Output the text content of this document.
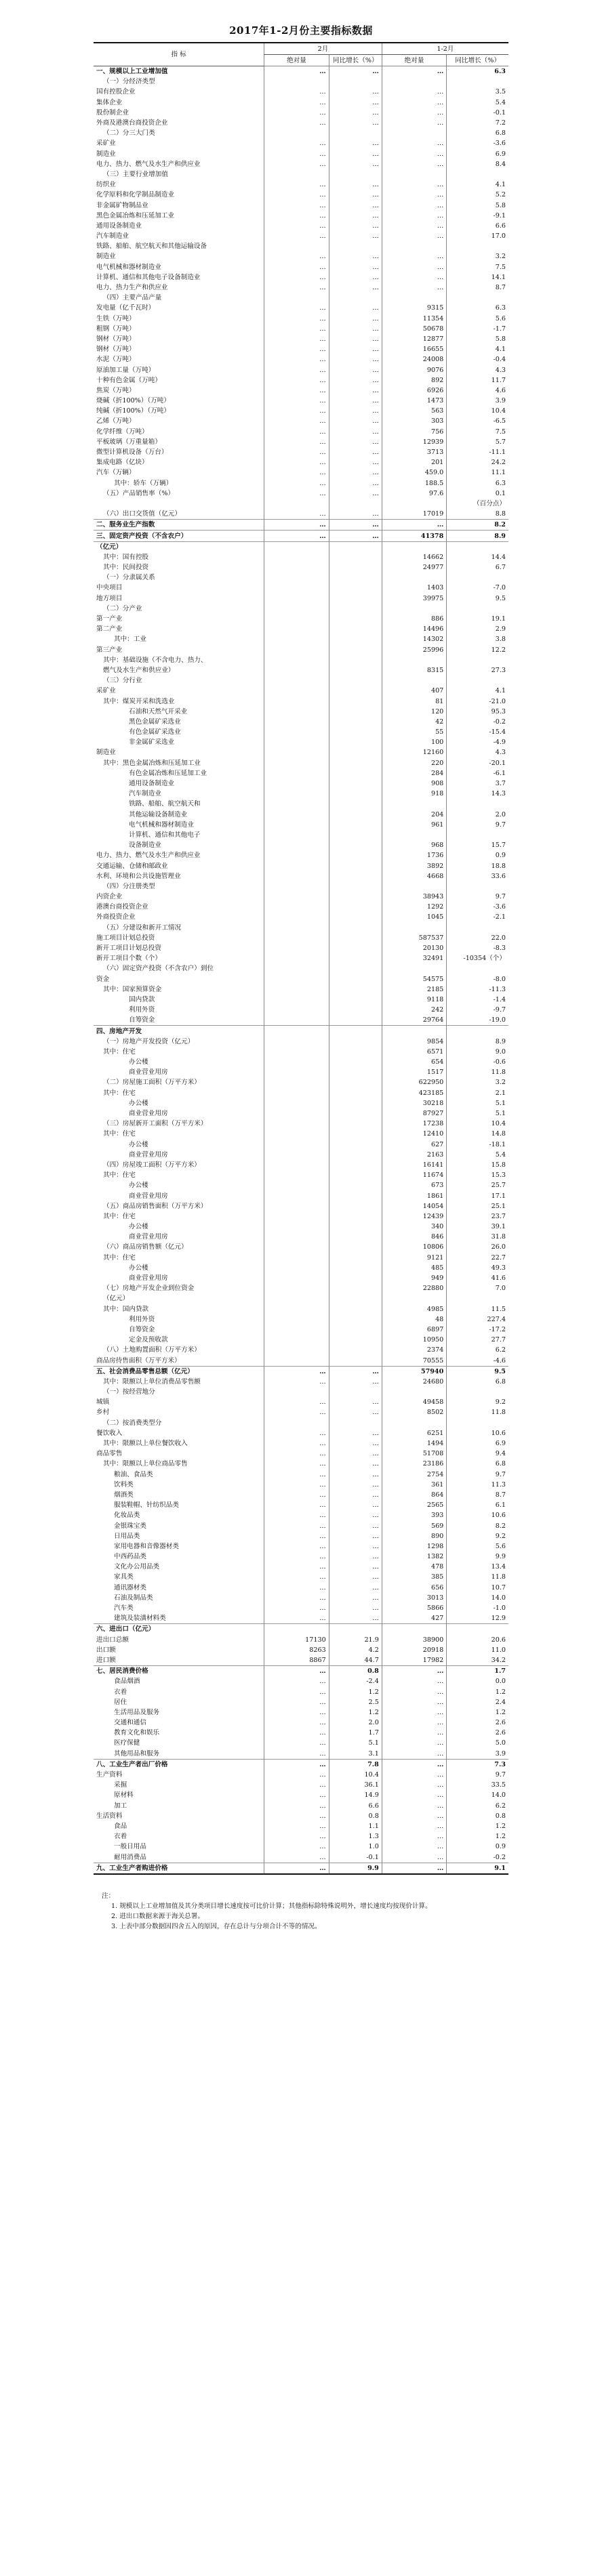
2017年1-2月份主要指标数据
指 标	2月		1-2月	
	绝对量	同比增长（%）	绝对量	同比增长（%）
一、规模以上工业增加值	…	…	…	6.3
（一）分经济类型				
国有控股企业	…	…	…	3.5
集体企业	…	…	…	5.4
股份制企业	…	…	…	-0.1
外商及港澳台商投资企业	…	…	…	7.2
（二）分三大门类				6.8
采矿业	…	…	…	-3.6
制造业	…	…	…	6.9
电力、热力、燃气及水生产和供应业	…	…	…	8.4
（三）主要行业增加值				
纺织业	…	…	…	4.1
化学原料和化学制品制造业	…	…	…	5.2
非金属矿物制品业	…	…	…	5.8
黑色金属冶炼和压延加工业	…	…	…	-9.1
通用设备制造业	…	…	…	6.6
汽车制造业	…	…	…	17.0
铁路、船舶、航空航天和其他运输设备				
制造业	…	…	…	3.2
电气机械和器材制造业	…	…	…	7.5
计算机、通信和其他电子设备制造业	…	…	…	14.1
电力、热力生产和供应业	…	…	…	8.7
（四）主要产品产量				
发电量（亿千瓦时）	…	…	9315	6.3
生铁（万吨）	…	…	11354	5.6
粗钢（万吨）	…	…	50678	-1.7
钢材（万吨）	…	…	12877	5.8
钢材（万吨）	…	…	16655	4.1
水泥（万吨）	…	…	24008	-0.4
原油加工量（万吨）	…	…	9076	4.3
十种有色金属（万吨）	…	…	892	11.7
焦炭（万吨）	…	…	6926	4.6
烧碱（折100%）（万吨）	…	…	1473	3.9
纯碱（折100%）（万吨）	…	…	563	10.4
乙烯（万吨）	…	…	303	-6.5
化学纤维（万吨）	…	…	756	7.5
平板玻璃（万重量箱）	…	…	12939	5.7
微型计算机设备（万台）	…	…	3713	-11.1
集成电路（亿块）	…	…	201	24.2
汽车（万辆）	…	…	459.0	11.1
其中：轿车（万辆）	…	…	188.5	6.3
（五）产品销售率（%）	…	…	97.6	0.1
				（百分点）
（六）出口交货值（亿元）	…	…	17019	8.8
二、服务业生产指数	…	…	…	8.2
三、固定资产投资（不含农户）	…	…	41378	8.9
（亿元）				
其中：国有控股			14662	14.4
其中：民间投资			24977	6.7
（一）分隶属关系				
中央项目			1403	-7.0
地方项目			39975	9.5
（二）分产业				
第一产业			886	19.1
第二产业			14496	2.9
其中：工业			14302	3.8
第三产业			25996	12.2
其中：基础设施（不含电力、热力、				
燃气及水生产和供应业）			8315	27.3
（三）分行业				
采矿业			407	4.1
其中：煤炭开采和洗选业			81	-21.0
石油和天然气开采业			120	95.3
黑色金属矿采选业			42	-0.2
有色金属矿采选业			55	-15.4
非金属矿采选业			100	-4.9
制造业			12160	4.3
其中：黑色金属冶炼和压延加工业			220	-20.1
有色金属冶炼和压延加工业			284	-6.1
通用设备制造业			908	3.7
汽车制造业			918	14.3
铁路、船舶、航空航天和				
其他运输设备制造业			204	2.0
电气机械和器材制造业			961	9.7
计算机、通信和其他电子				
设备制造业			968	15.7
电力、热力、燃气及水生产和供应业			1736	0.9
交通运输、仓储和邮政业			3892	18.8
水利、环境和公共设施管理业			4668	33.6
（四）分注册类型				
内资企业			38943	9.7
港澳台商投资企业			1292	-3.6
外商投资企业			1045	-2.1
（五）分建设和新开工情况				
施工项目计划总投资			587537	22.0
新开工项目计划总投资			20130	-8.3
新开工项目个数（个）			32491	-10354（个）
（六）固定资产投资（不含农户）到位				
资金			54575	-8.0
其中：国家预算资金			2185	-11.3
国内贷款			9118	-1.4
利用外资			242	-9.7
自筹资金			29764	-19.0
四、房地产开发				
（一）房地产开发投资（亿元）			9854	8.9
其中：住宅			6571	9.0
办公楼			654	-0.6
商业营业用房			1517	11.8
（二）房屋施工面积（万平方米）			622950	3.2
其中：住宅			423185	2.1
办公楼			30218	5.1
商业营业用房			87927	5.1
（三）房屋新开工面积（万平方米）			17238	10.4
其中：住宅			12410	14.8
办公楼			627	-18.1
商业营业用房			2163	5.4
（四）房屋竣工面积（万平方米）			16141	15.8
其中：住宅			11674	15.3
办公楼			673	25.7
商业营业用房			1861	17.1
（五）商品房销售面积（万平方米）			14054	25.1
其中：住宅			12439	23.7
办公楼			340	39.1
商业营业用房			846	31.8
（六）商品房销售额（亿元）			10806	26.0
其中：住宅			9121	22.7
办公楼			485	49.3
商业营业用房			949	41.6
（七）房地产开发企业到位资金			22880	7.0
（亿元）				
其中：国内贷款			4985	11.5
利用外资			48	227.4
自筹资金			6897	-17.2
定金及预收款			10950	27.7
（八）土地购置面积（万平方米）			2374	6.2
商品房待售面积（万平方米）			70555	-4.6
五、社会消费品零售总额（亿元）	…	…	57940	9.5
其中：限额以上单位消费品零售额	…	…	24680	6.8
（一）按经营地分				
城镇	…	…	49458	9.2
乡村	…	…	8502	11.8
（二）按消费类型分				
餐饮收入	…	…	6251	10.6
其中：限额以上单位餐饮收入	…	…	1494	6.9
商品零售	…	…	51708	9.4
其中：限额以上单位商品零售	…	…	23186	6.8
粮油、食品类	…	…	2754	9.7
饮料类	…	…	361	11.3
烟酒类	…	…	864	8.7
服装鞋帽、针纺织品类	…	…	2565	6.1
化妆品类	…	…	393	10.6
金银珠宝类	…	…	569	8.2
日用品类	…	…	890	9.2
家用电器和音像器材类	…	…	1298	5.6
中西药品类	…	…	1382	9.9
文化办公用品类	…	…	478	13.4
家具类	…	…	385	11.8
通讯器材类	…	…	656	10.7
石油及制品类	…	…	3013	14.0
汽车类	…	…	5866	-1.0
建筑及装潢材料类	…	…	427	12.9
六、进出口（亿元）				
进出口总额	17130	21.9	38900	20.6
出口额	8263	4.2	20918	11.0
进口额	8867	44.7	17982	34.2
七、居民消费价格	…	0.8	…	1.7
食品烟酒	…	-2.4	…	0.0
衣着	…	1.2	…	1.2
居住	…	2.5	…	2.4
生活用品及服务	…	1.2	…	1.2
交通和通信	…	2.0	…	2.6
教育文化和娱乐	…	1.7	…	2.6
医疗保健	…	5.1	…	5.0
其他用品和服务	…	3.1	…	3.9
八、工业生产者出厂价格	…	7.8	…	7.3
生产资料	…	10.4	…	9.7
采掘	…	36.1	…	33.5
原材料	…	14.9	…	14.0
加工	…	6.6	…	6.2
生活资料	…	0.8	…	0.8
食品	…	1.1	…	1.2
衣着	…	1.3	…	1.2
一般日用品	…	1.0	…	0.9
耐用消费品	…	-0.1	…	-0.2
九、工业生产者购进价格	…	9.9	…	9.1
注：
1. 规模以上工业增加值及其分类项目增长速度按可比价计算；其他指标除特殊说明外，增长速度均按现价计算。
2. 进出口数据来源于海关总署。
3. 上表中部分数据因四舍五入的原因，存在总计与分项合计不等的情况。
